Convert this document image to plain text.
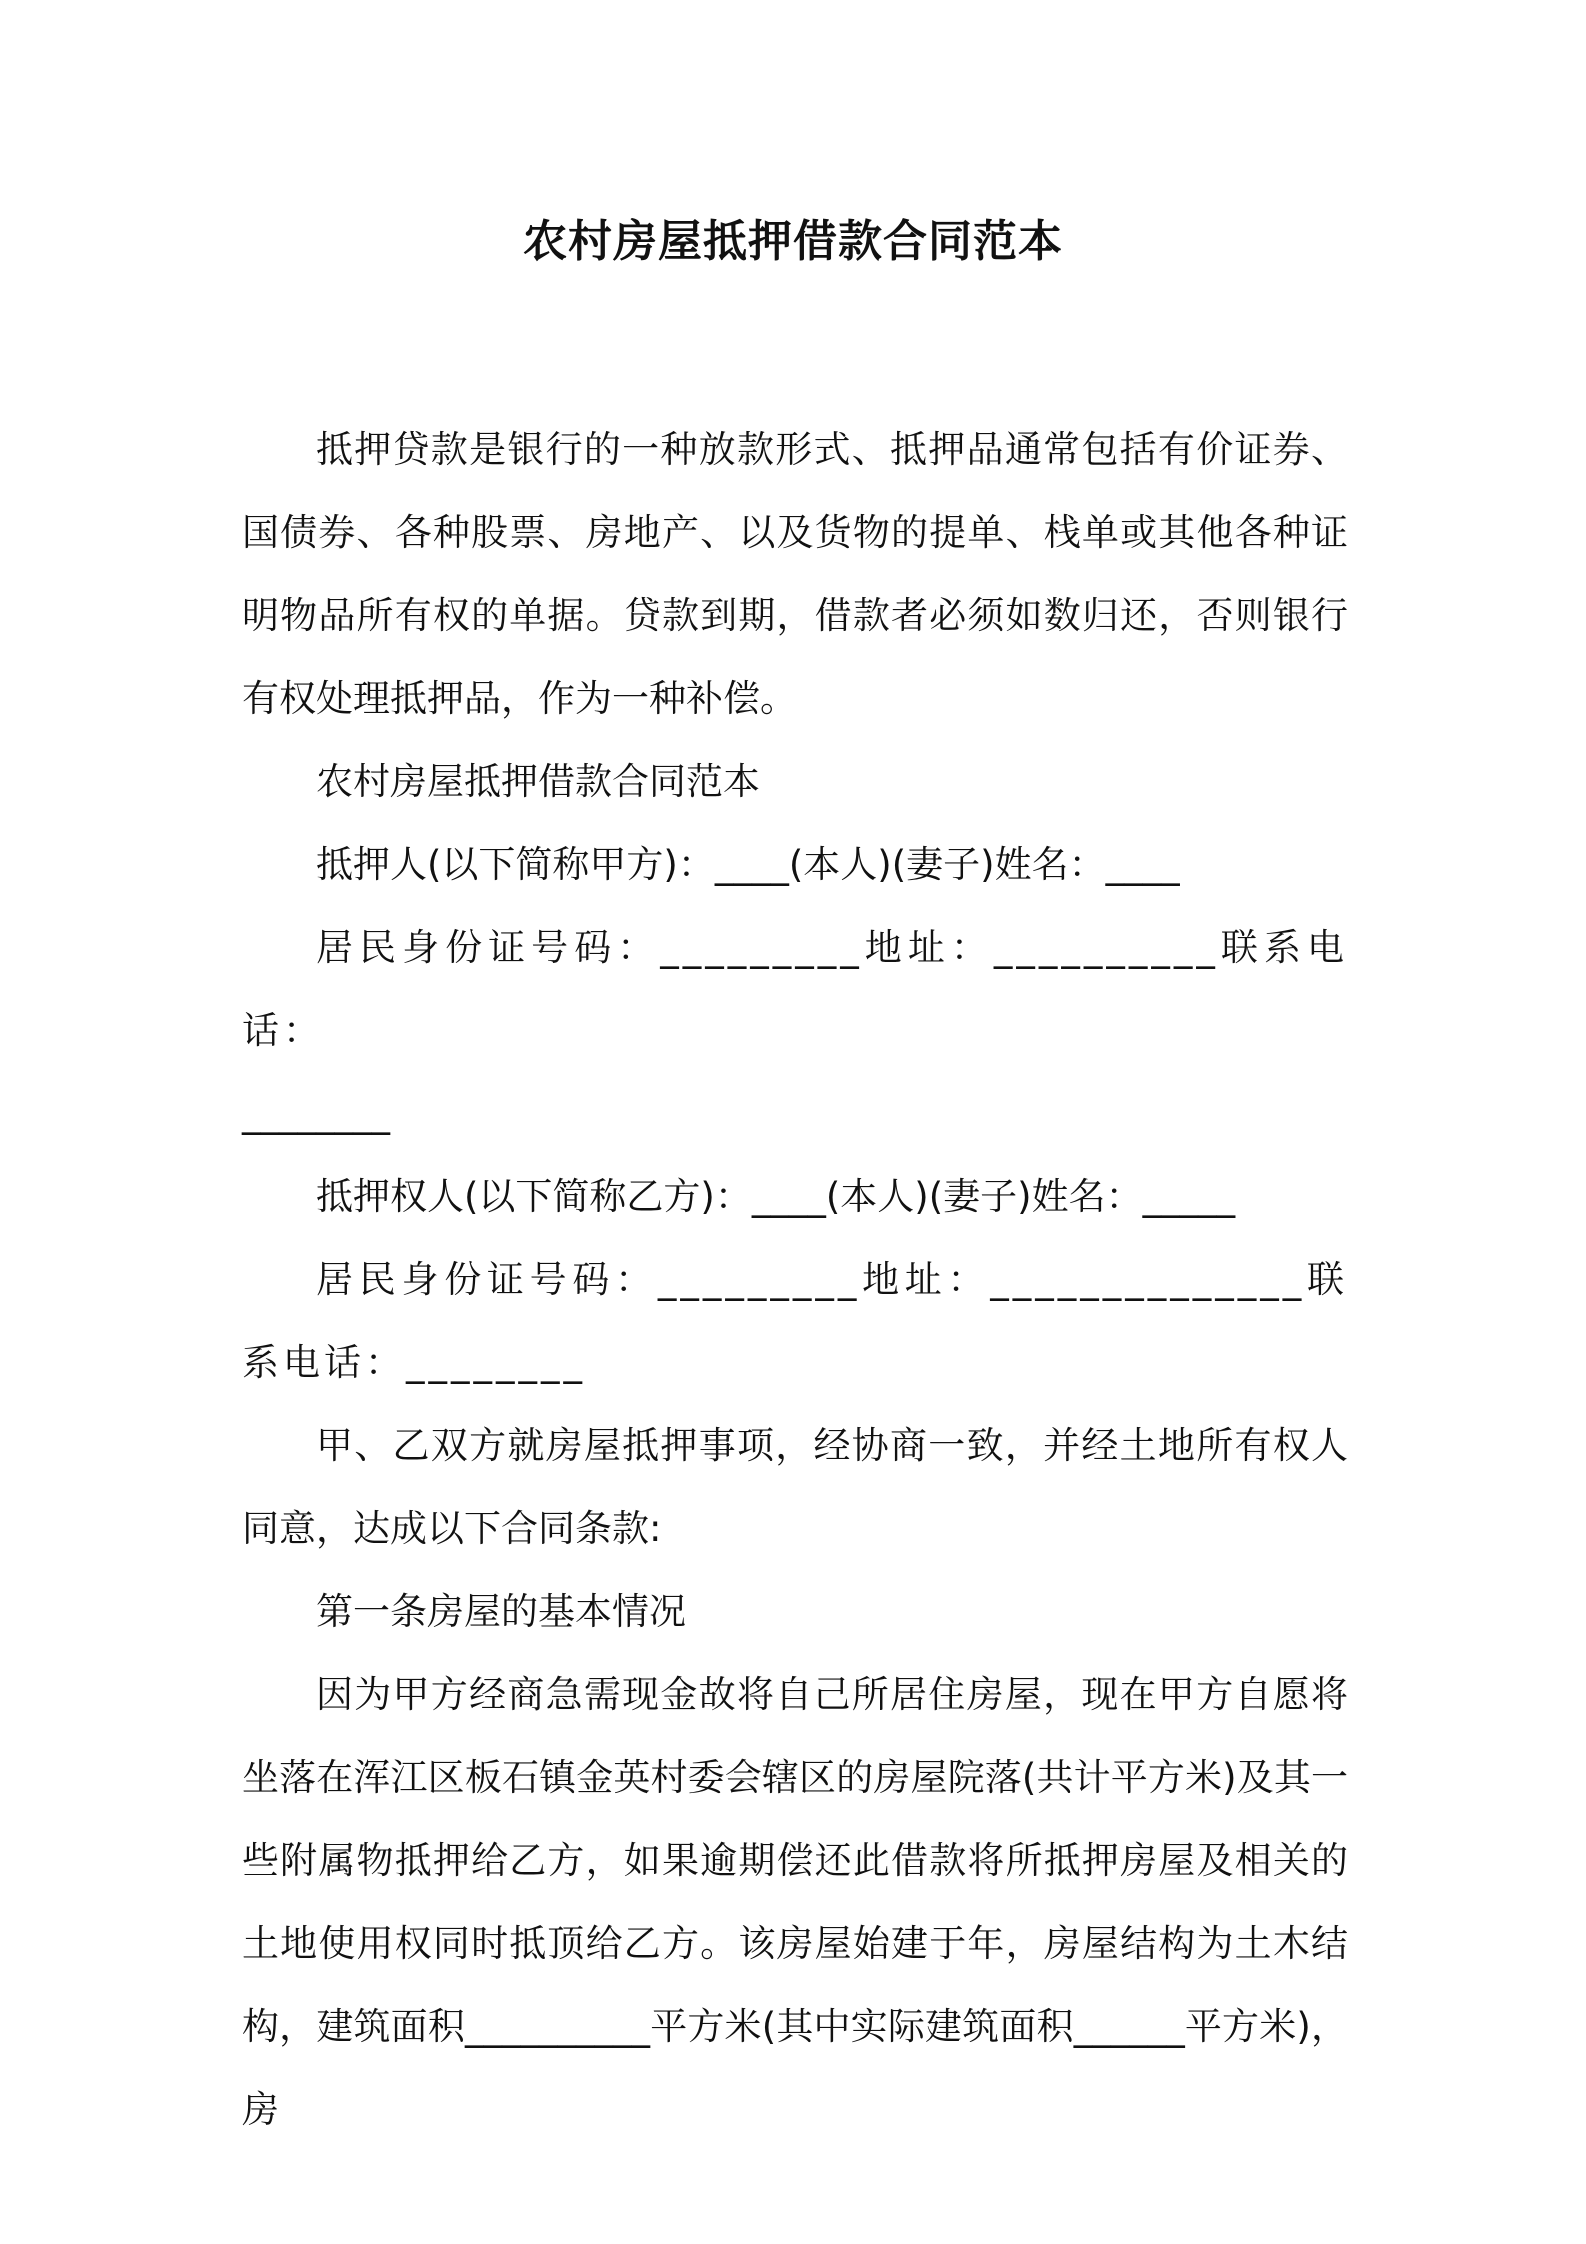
农村房屋抵押借款合同范本

抵押贷款是银行的一种放款形式、抵押品通常包括有价证券、国债券、各种股票、房地产、以及货物的提单、栈单或其他各种证明物品所有权的单据。贷款到期，借款者必须如数归还，否则银行有权处理抵押品，作为一种补偿。

农村房屋抵押借款合同范本

抵押人(以下简称甲方)：____(本人)(妻子)姓名：____

居民身份证号码：_________地址：__________联系电话：

________

抵押权人(以下简称乙方)：____(本人)(妻子)姓名：_____

居民身份证号码：_________地址：______________联系电话：________

甲、乙双方就房屋抵押事项，经协商一致，并经土地所有权人同意，达成以下合同条款:

第一条房屋的基本情况

因为甲方经商急需现金故将自己所居住房屋，现在甲方自愿将坐落在浑江区板石镇金英村委会辖区的房屋院落(共计平方米)及其一些附属物抵押给乙方，如果逾期偿还此借款将所抵押房屋及相关的土地使用权同时抵顶给乙方。该房屋始建于年，房屋结构为土木结构，建筑面积__________平方米(其中实际建筑面积______平方米)，房
